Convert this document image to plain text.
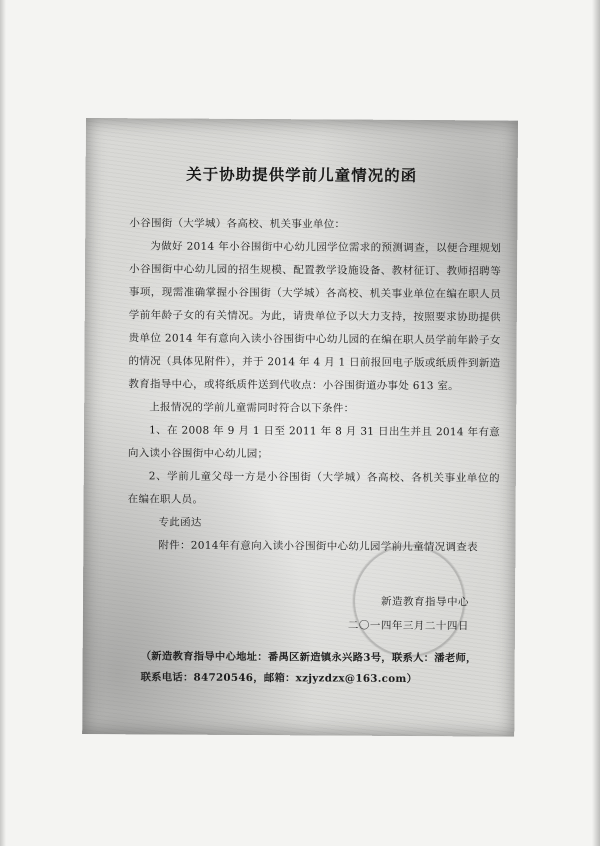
关于协助提供学前儿童情况的函

小谷围街（大学城）各高校、机关事业单位：

为做好 2014 年小谷围街中心幼儿园学位需求的预测调查，以便合理规划小谷围街中心幼儿园的招生规模、配置教学设施设备、教材征订、教师招聘等事项，现需准确掌握小谷围街（大学城）各高校、机关事业单位在编在职人员学前年龄子女的有关情况。为此，请贵单位予以大力支持，按照要求协助提供贵单位 2014 年有意向入读小谷围街中心幼儿园的在编在职人员学前年龄子女的情况（具体见附件），并于 2014 年 4 月 1 日前报回电子版或纸质件到新造教育指导中心，或将纸质件送到代收点：小谷围街道办事处 613 室。

上报情况的学前儿童需同时符合以下条件：

1、在 2008 年 9 月 1 日至 2011 年 8 月 31 日出生并且 2014 年有意向入读小谷围街中心幼儿园；

2、学前儿童父母一方是小谷围街（大学城）各高校、各机关事业单位的在编在职人员。

专此函达

附件：2014年有意向入读小谷围街中心幼儿园学前儿童情况调查表

新造教育指导中心
二〇一四年三月二十四日
（新造教育指导中心地址：番禺区新造镇永兴路3号，联系人：潘老师，联系电话：84720546，邮箱：xzjyzdzx@163.com）
